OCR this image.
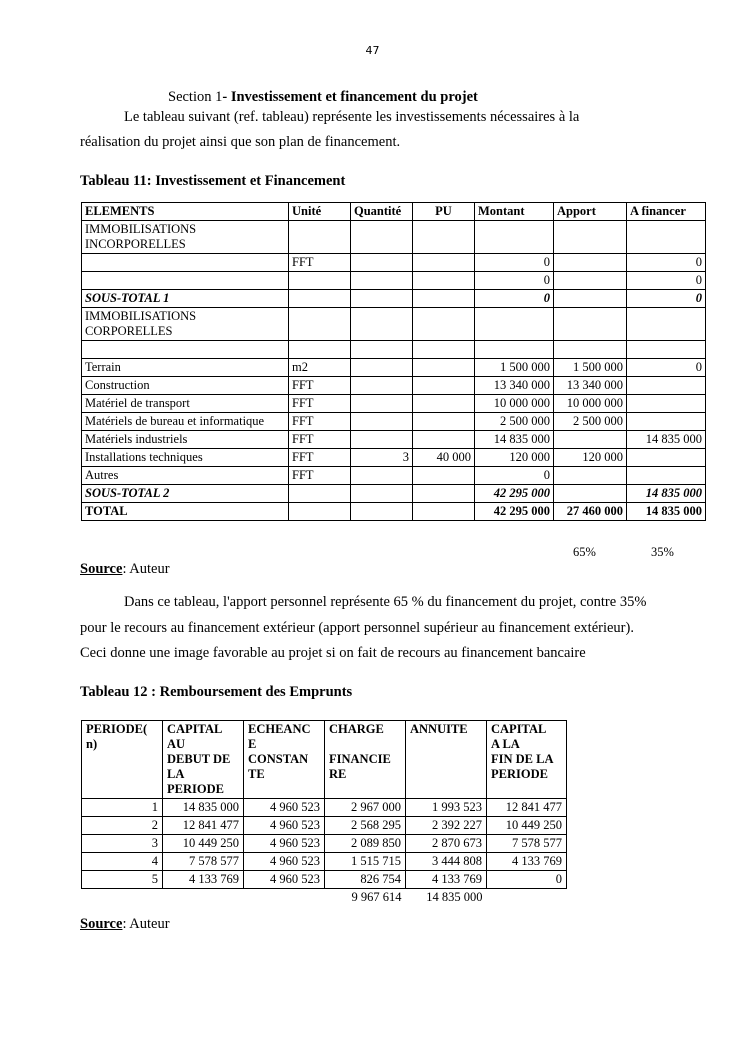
47
Section 1- Investissement et financement du projet
Le tableau suivant (ref. tableau) représente les investissements nécessaires à la
réalisation du projet ainsi que son plan de financement.
Tableau 11: Investissement et Financement
ELEMENTS	Unité	Quantité	PU	Montant	Apport	A financer
IMMOBILISATIONS INCORPORELLES						
	FFT			0		0
				0		0
SOUS-TOTAL 1				0		0
IMMOBILISATIONS CORPORELLES						

Terrain	m2			1 500 000	1 500 000	0
Construction	FFT			13 340 000	13 340 000	
Matériel de transport	FFT			10 000 000	10 000 000	
Matériels de bureau et informatique	FFT			2 500 000	2 500 000	
Matériels industriels	FFT			14 835 000		14 835 000
Installations techniques	FFT	3	40 000	120 000	120 000	
Autres	FFT			0		
SOUS-TOTAL 2				42 295 000		14 835 000
TOTAL				42 295 000	27 460 000	14 835 000
65%	35%
Source: Auteur
Dans ce tableau, l'apport personnel représente 65 % du financement du projet, contre 35%
pour le recours au financement extérieur (apport personnel supérieur au financement extérieur).
Ceci donne une image favorable au projet si on fait de recours au financement bancaire
Tableau 12 : Remboursement des Emprunts
PERIODE(
n)	CAPITAL
AU
DEBUT DE
LA
PERIODE	ECHEANC
E
CONSTAN
TE	CHARGE

FINANCIE
RE	ANNUITE	CAPITAL
A LA
FIN DE LA
PERIODE
1	14 835 000	4 960 523	2 967 000	1 993 523	12 841 477
2	12 841 477	4 960 523	2 568 295	2 392 227	10 449 250
3	10 449 250	4 960 523	2 089 850	2 870 673	7 578 577
4	7 578 577	4 960 523	1 515 715	3 444 808	4 133 769
5	4 133 769	4 960 523	826 754	4 133 769	0
			9 967 614	14 835 000	
Source: Auteur
